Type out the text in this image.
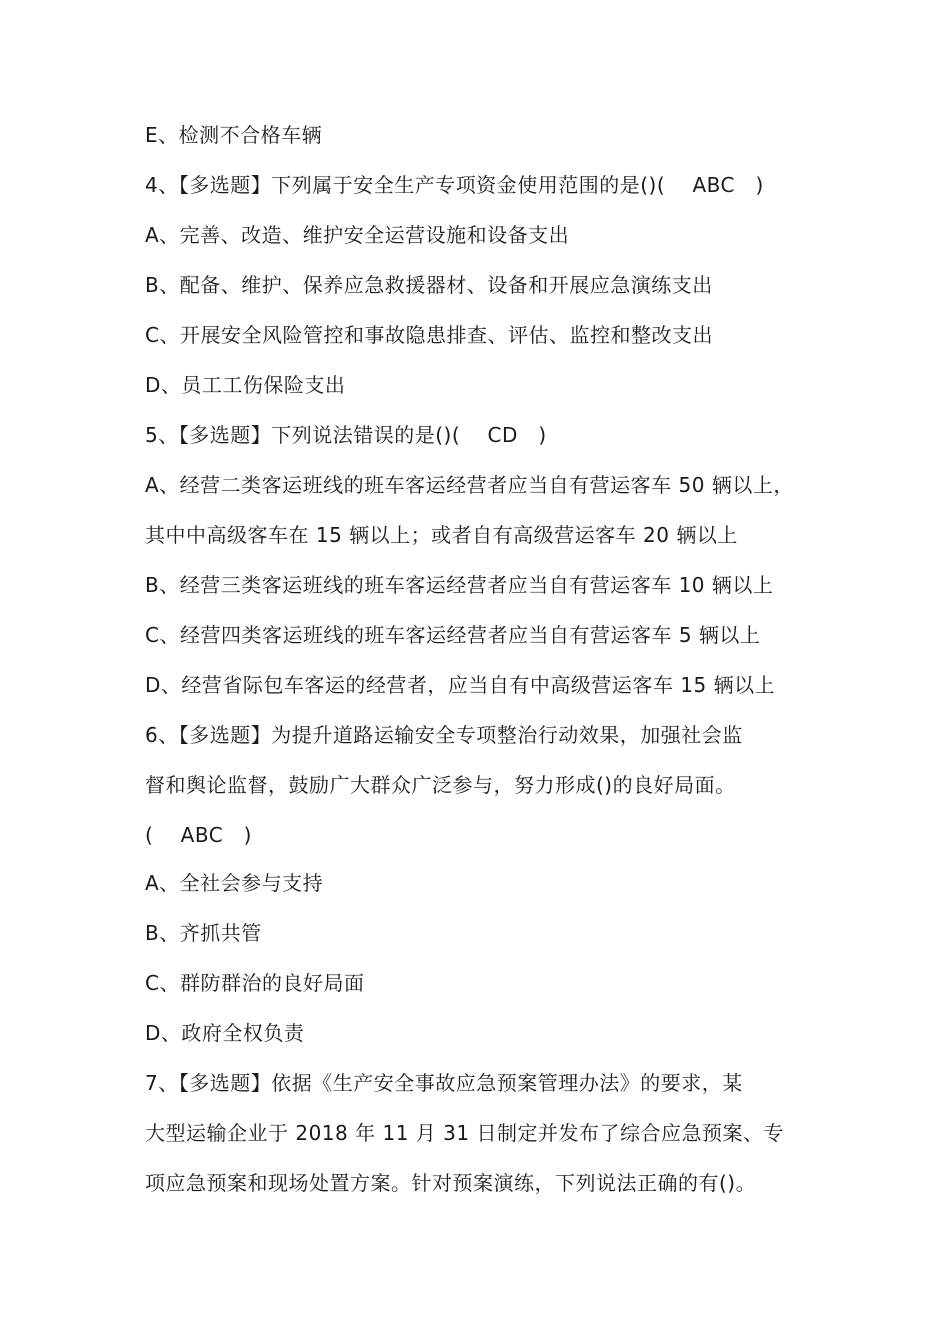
E、检测不合格车辆
4、【多选题】下列属于安全生产专项资金使用范围的是()(　 ABC　)
A、完善、改造、维护安全运营设施和设备支出
B、配备、维护、保养应急救援器材、设备和开展应急演练支出
C、开展安全风险管控和事故隐患排查、评估、监控和整改支出
D、员工工伤保险支出
5、【多选题】下列说法错误的是()(　 CD　)
A、经营二类客运班线的班车客运经营者应当自有营运客车 50 辆以上，
其中中高级客车在 15 辆以上；或者自有高级营运客车 20 辆以上
B、经营三类客运班线的班车客运经营者应当自有营运客车 10 辆以上
C、经营四类客运班线的班车客运经营者应当自有营运客车 5 辆以上
D、经营省际包车客运的经营者，应当自有中高级营运客车 15 辆以上
6、【多选题】为提升道路运输安全专项整治行动效果，加强社会监
督和舆论监督，鼓励广大群众广泛参与，努力形成()的良好局面。
(　 ABC　)
A、全社会参与支持
B、齐抓共管
C、群防群治的良好局面
D、政府全权负责
7、【多选题】依据《生产安全事故应急预案管理办法》的要求，某
大型运输企业于 2018 年 11 月 31 日制定并发布了综合应急预案、专
项应急预案和现场处置方案。针对预案演练，下列说法正确的有()。
